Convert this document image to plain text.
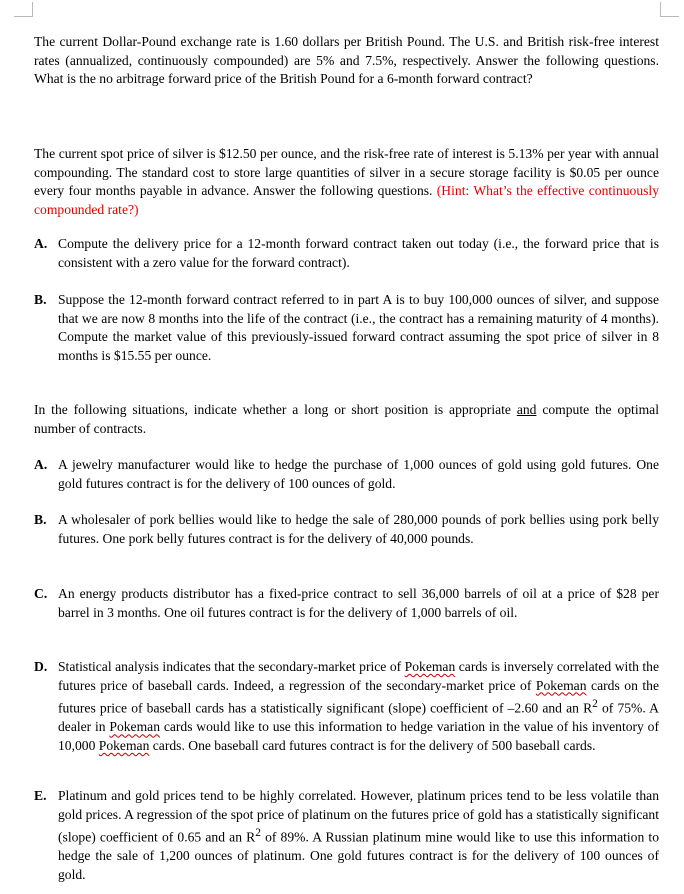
The current Dollar-Pound exchange rate is 1.60 dollars per British Pound. The U.S. and British risk-free interest rates (annualized, continuously compounded) are 5% and 7.5%, respectively. Answer the following questions. What is the no arbitrage forward price of the British Pound for a 6-month forward contract?
The current spot price of silver is $12.50 per ounce, and the risk-free rate of interest is 5.13% per year with annual compounding. The standard cost to store large quantities of silver in a secure storage facility is $0.05 per ounce every four months payable in advance. Answer the following questions. (Hint: What’s the effective continuously compounded rate?)
A. Compute the delivery price for a 12-month forward contract taken out today (i.e., the forward price that is consistent with a zero value for the forward contract).
B. Suppose the 12-month forward contract referred to in part A is to buy 100,000 ounces of silver, and suppose that we are now 8 months into the life of the contract (i.e., the contract has a remaining maturity of 4 months). Compute the market value of this previously-issued forward contract assuming the spot price of silver in 8 months is $15.55 per ounce.
In the following situations, indicate whether a long or short position is appropriate and compute the optimal number of contracts.
A. A jewelry manufacturer would like to hedge the purchase of 1,000 ounces of gold using gold futures. One gold futures contract is for the delivery of 100 ounces of gold.
B. A wholesaler of pork bellies would like to hedge the sale of 280,000 pounds of pork bellies using pork belly futures. One pork belly futures contract is for the delivery of 40,000 pounds.
C. An energy products distributor has a fixed-price contract to sell 36,000 barrels of oil at a price of $28 per barrel in 3 months. One oil futures contract is for the delivery of 1,000 barrels of oil.
D. Statistical analysis indicates that the secondary-market price of Pokeman cards is inversely correlated with the futures price of baseball cards. Indeed, a regression of the secondary-market price of Pokeman cards on the futures price of baseball cards has a statistically significant (slope) coefficient of –2.60 and an $R^2$ of 75%. A dealer in Pokeman cards would like to use this information to hedge variation in the value of his inventory of 10,000 Pokeman cards. One baseball card futures contract is for the delivery of 500 baseball cards.
E. Platinum and gold prices tend to be highly correlated. However, platinum prices tend to be less volatile than gold prices. A regression of the spot price of platinum on the futures price of gold has a statistically significant (slope) coefficient of 0.65 and an $R^2$ of 89%. A Russian platinum mine would like to use this information to hedge the sale of 1,200 ounces of platinum. One gold futures contract is for the delivery of 100 ounces of gold.
